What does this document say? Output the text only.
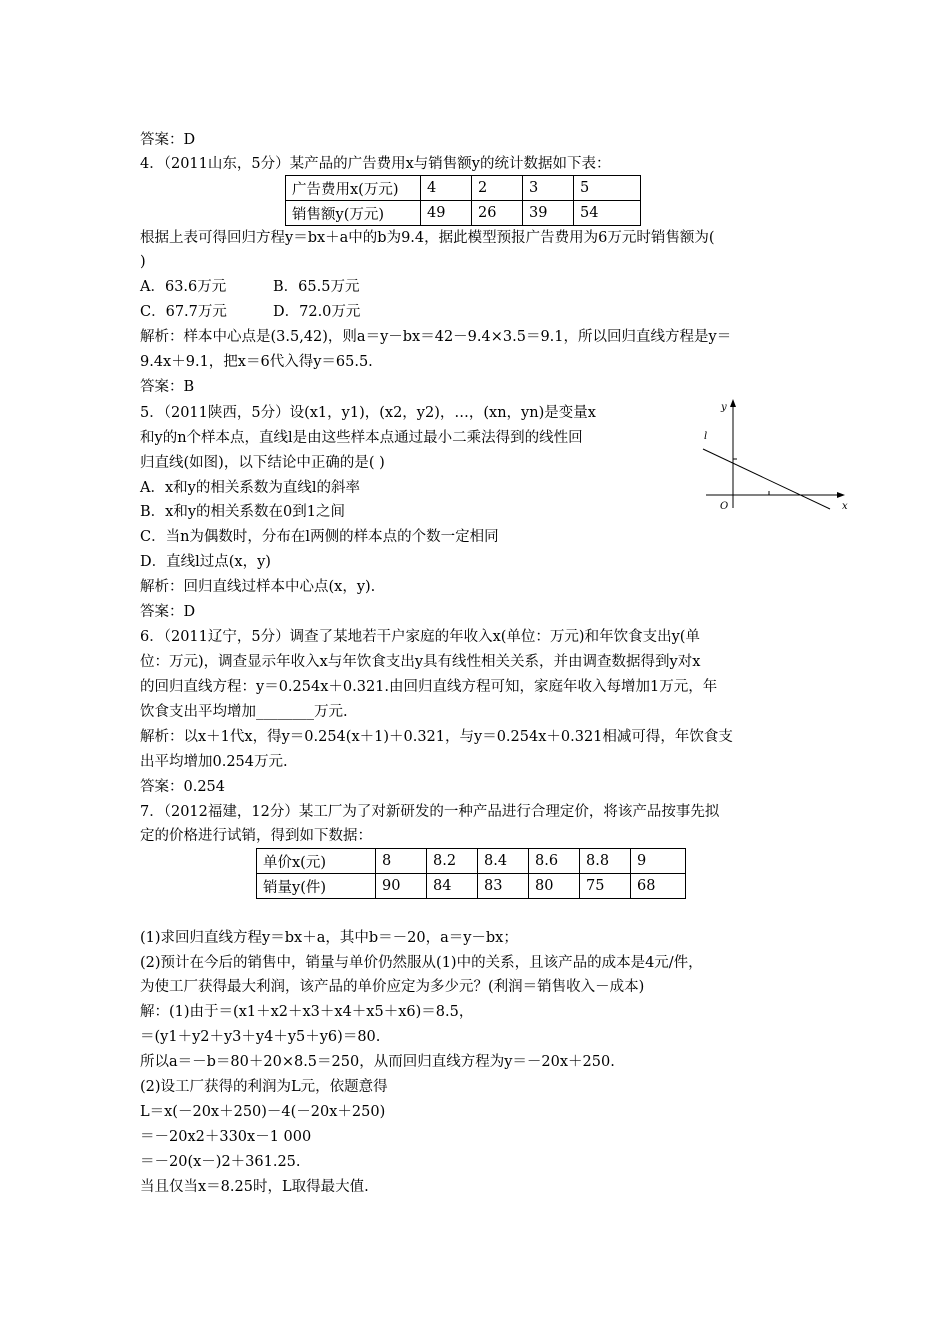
答案：D
4．（2011山东，5分）某产品的广告费用x与销售额y的统计数据如下表：
广告费用x(万元)	4	2	3	5
销售额y(万元)	49	26	39	54
根据上表可得回归方程y＝bx＋a中的b为9.4，据此模型预报广告费用为6万元时销售额为(
)
A．63.6万元	B．65.5万元
C．67.7万元	D．72.0万元
解析：样本中心点是(3.5,42)，则a＝y－bx＝42－9.4×3.5＝9.1，所以回归直线方程是y＝
9.4x＋9.1，把x＝6代入得y＝65.5.
答案：B
5．（2011陕西，5分）设(x1，y1)，(x2，y2)，…，(xn，yn)是变量x
和y的n个样本点，直线l是由这些样本点通过最小二乘法得到的线性回
归直线(如图)，以下结论中正确的是( )
A．x和y的相关系数为直线l的斜率
B．x和y的相关系数在0到1之间
C．当n为偶数时，分布在l两侧的样本点的个数一定相同
D．直线l过点(x，y)
解析：回归直线过样本中心点(x，y).
答案：D
y
x
O
l
6．（2011辽宁，5分）调查了某地若干户家庭的年收入x(单位：万元)和年饮食支出y(单
位：万元)，调查显示年收入x与年饮食支出y具有线性相关关系，并由调查数据得到y对x
的回归直线方程：y＝0.254x＋0.321.由回归直线方程可知，家庭年收入每增加1万元，年
饮食支出平均增加________万元.
解析：以x＋1代x，得y＝0.254(x＋1)＋0.321，与y＝0.254x＋0.321相减可得，年饮食支
出平均增加0.254万元.
答案：0.254
7．（2012福建，12分）某工厂为了对新研发的一种产品进行合理定价，将该产品按事先拟
定的价格进行试销，得到如下数据：
单价x(元)	8	8.2	8.4	8.6	8.8	9
销量y(件)	90	84	83	80	75	68
(1)求回归直线方程y＝bx＋a，其中b＝－20，a＝y－bx；
(2)预计在今后的销售中，销量与单价仍然服从(1)中的关系，且该产品的成本是4元/件，
为使工厂获得最大利润，该产品的单价应定为多少元？(利润＝销售收入－成本)
解：(1)由于＝(x1＋x2＋x3＋x4＋x5＋x6)＝8.5，
＝(y1＋y2＋y3＋y4＋y5＋y6)＝80.
所以a＝－b＝80＋20×8.5＝250，从而回归直线方程为y＝－20x＋250.
(2)设工厂获得的利润为L元，依题意得
L＝x(－20x＋250)－4(－20x＋250)
＝－20x2＋330x－1 000
＝－20(x－)2＋361.25.
当且仅当x＝8.25时，L取得最大值.
